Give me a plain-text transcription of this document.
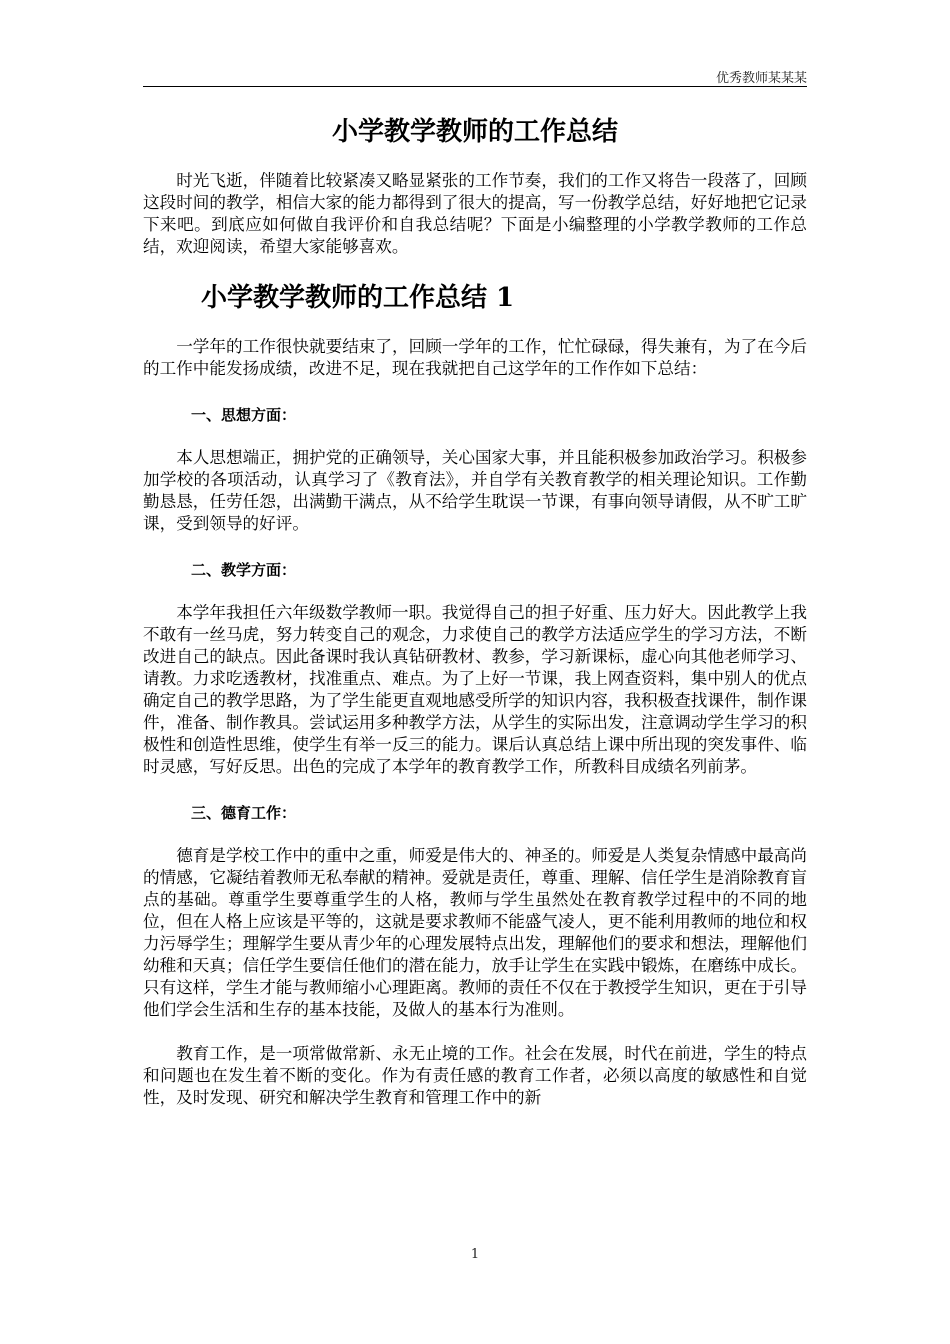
优秀教师某某某
小学教学教师的工作总结

时光飞逝，伴随着比较紧凑又略显紧张的工作节奏，我们的工作又将告一段落了，回顾这段时间的教学，相信大家的能力都得到了很大的提高，写一份教学总结，好好地把它记录下来吧。到底应如何做自我评价和自我总结呢？下面是小编整理的小学教学教师的工作总结，欢迎阅读，希望大家能够喜欢。

小学教学教师的工作总结 1

一学年的工作很快就要结束了，回顾一学年的工作，忙忙碌碌，得失兼有，为了在今后的工作中能发扬成绩，改进不足，现在我就把自己这学年的工作作如下总结：

一、思想方面：

本人思想端正，拥护党的正确领导，关心国家大事，并且能积极参加政治学习。积极参加学校的各项活动，认真学习了《教育法》，并自学有关教育教学的相关理论知识。工作勤勤恳恳，任劳任怨，出满勤干满点，从不给学生耽误一节课，有事向领导请假，从不旷工旷课，受到领导的好评。

二、教学方面：

本学年我担任六年级数学教师一职。我觉得自己的担子好重、压力好大。因此教学上我不敢有一丝马虎，努力转变自己的观念，力求使自己的教学方法适应学生的学习方法，不断改进自己的缺点。因此备课时我认真钻研教材、教参，学习新课标，虚心向其他老师学习、请教。力求吃透教材，找准重点、难点。为了上好一节课，我上网查资料，集中别人的优点确定自己的教学思路，为了学生能更直观地感受所学的知识内容，我积极查找课件，制作课件，准备、制作教具。尝试运用多种教学方法，从学生的实际出发，注意调动学生学习的积极性和创造性思维，使学生有举一反三的能力。课后认真总结上课中所出现的突发事件、临时灵感，写好反思。出色的完成了本学年的教育教学工作，所教科目成绩名列前茅。

三、德育工作：

德育是学校工作中的重中之重，师爱是伟大的、神圣的。师爱是人类复杂情感中最高尚的情感，它凝结着教师无私奉献的精神。爱就是责任，尊重、理解、信任学生是消除教育盲点的基础。尊重学生要尊重学生的人格，教师与学生虽然处在教育教学过程中的不同的地位，但在人格上应该是平等的，这就是要求教师不能盛气凌人，更不能利用教师的地位和权力污辱学生；理解学生要从青少年的心理发展特点出发，理解他们的要求和想法，理解他们幼稚和天真；信任学生要信任他们的潜在能力，放手让学生在实践中锻炼，在磨练中成长。只有这样，学生才能与教师缩小心理距离。教师的责任不仅在于教授学生知识，更在于引导他们学会生活和生存的基本技能，及做人的基本行为准则。

教育工作，是一项常做常新、永无止境的工作。社会在发展，时代在前进，学生的特点和问题也在发生着不断的变化。作为有责任感的教育工作者，必须以高度的敏感性和自觉性，及时发现、研究和解决学生教育和管理工作中的新

1
